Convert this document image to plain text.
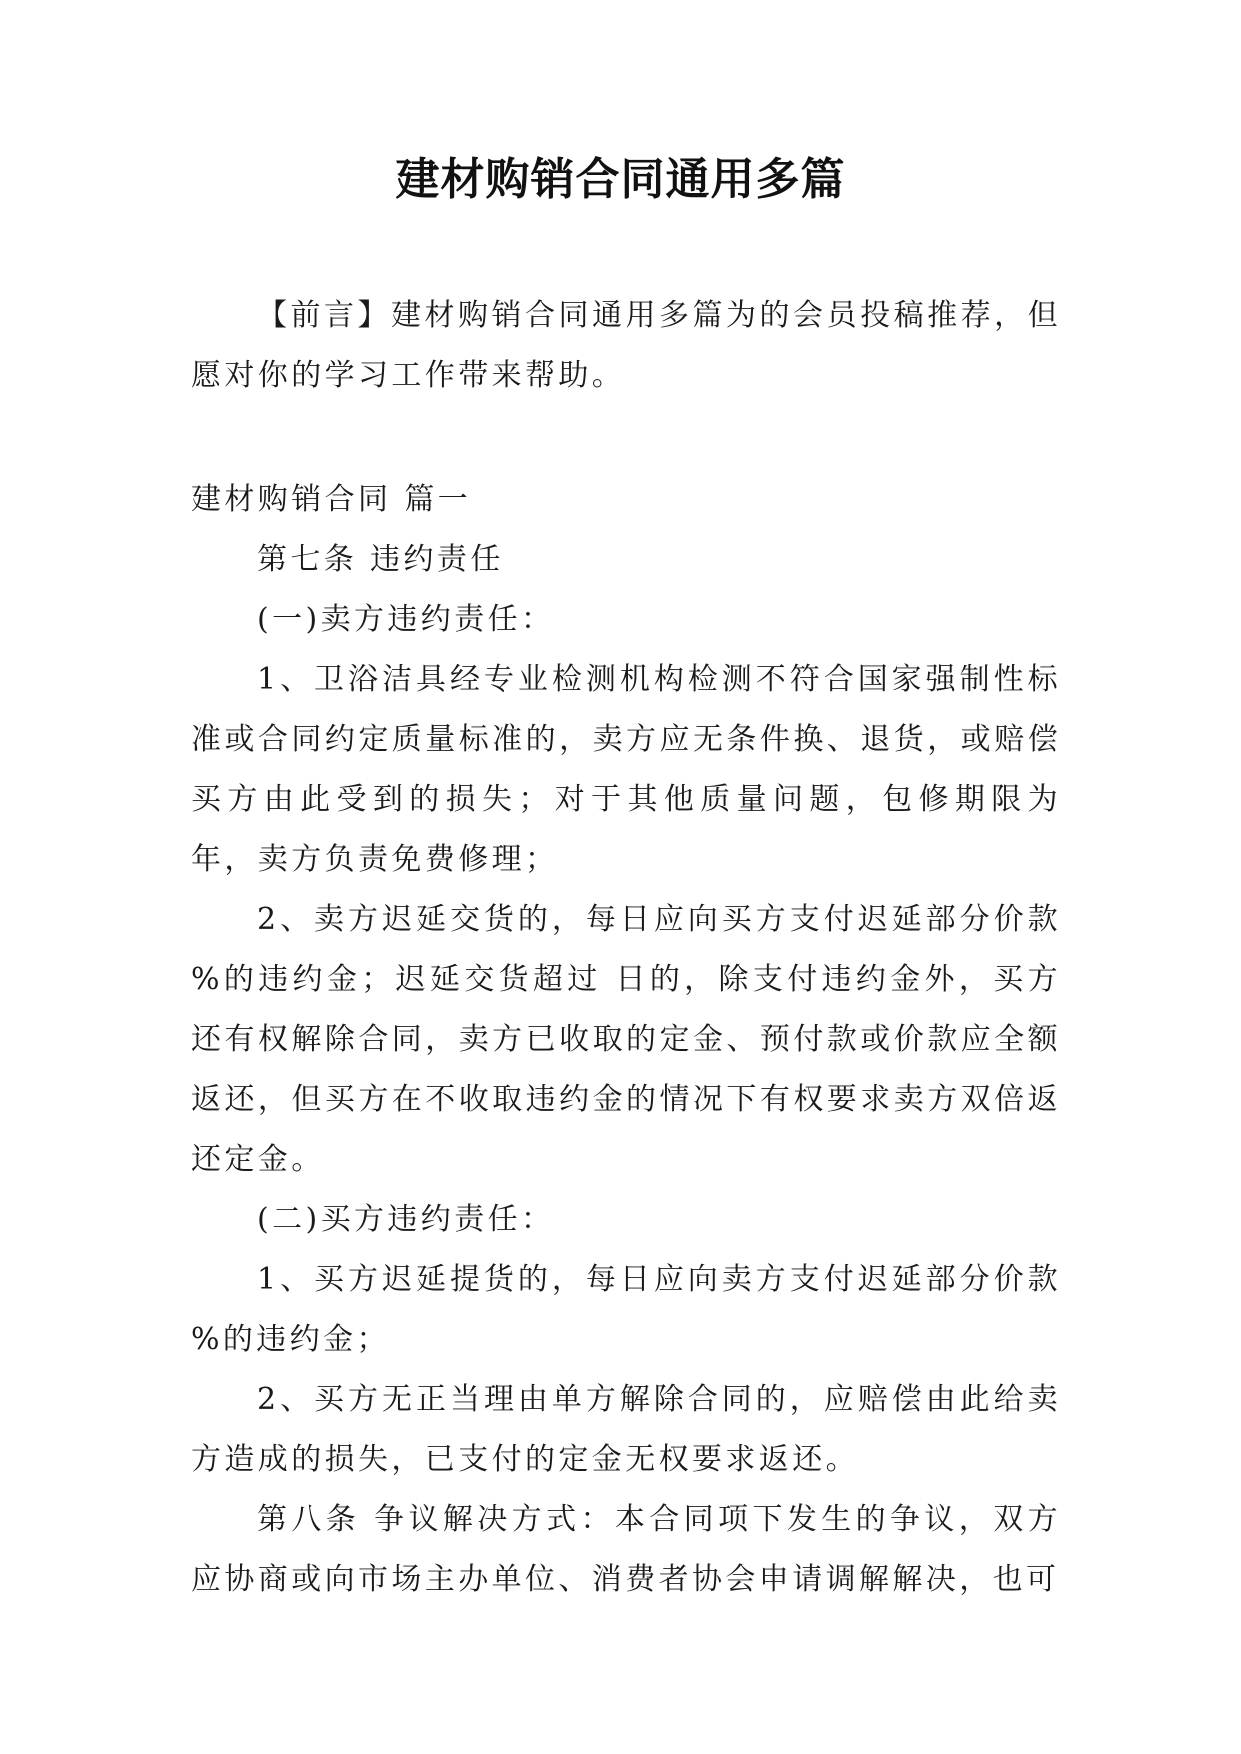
建材购销合同通用多篇

【前言】建材购销合同通用多篇为的会员投稿推荐，但愿对你的学习工作带来帮助。

建材购销合同 篇一

第七条 违约责任

(一)卖方违约责任：

1、卫浴洁具经专业检测机构检测不符合国家强制性标准或合同约定质量标准的，卖方应无条件换、退货，或赔偿买方由此受到的损失；对于其他质量问题，包修期限为 年，卖方负责免费修理；

2、卖方迟延交货的，每日应向买方支付迟延部分价款 %的违约金；迟延交货超过 日的，除支付违约金外，买方还有权解除合同，卖方已收取的定金、预付款或价款应全额返还，但买方在不收取违约金的情况下有权要求卖方双倍返还定金。

(二)买方违约责任：

1、买方迟延提货的，每日应向卖方支付迟延部分价款 %的违约金；

2、买方无正当理由单方解除合同的，应赔偿由此给卖方造成的损失，已支付的定金无权要求返还。

第八条 争议解决方式：本合同项下发生的争议，双方应协商或向市场主办单位、消费者协会申请调解解决，也可
